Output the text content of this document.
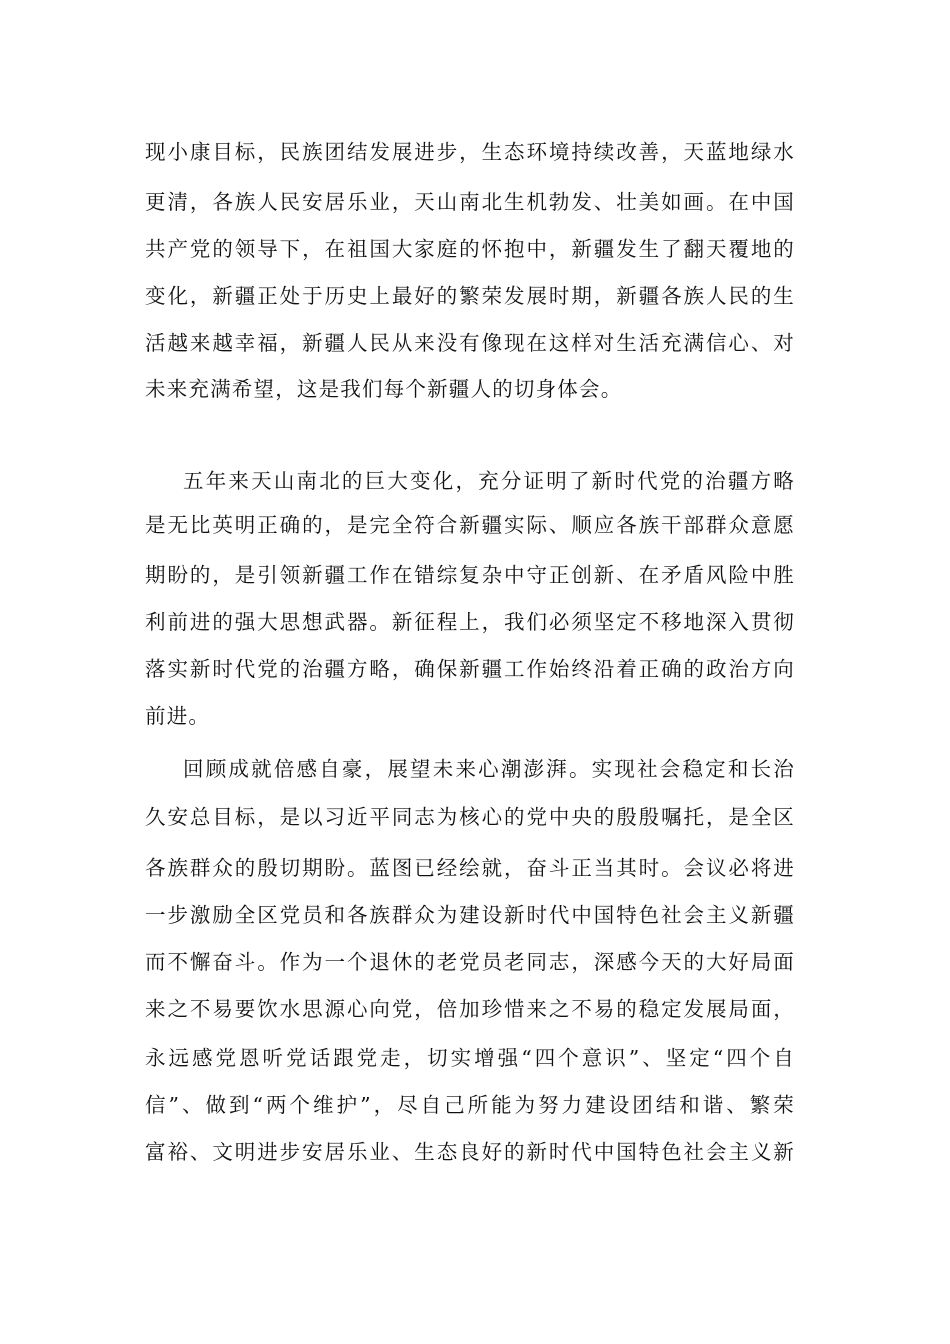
现小康目标，民族团结发展进步，生态环境持续改善，天蓝地绿水
更清，各族人民安居乐业，天山南北生机勃发、壮美如画。在中国
共产党的领导下，在祖国大家庭的怀抱中，新疆发生了翻天覆地的
变化，新疆正处于历史上最好的繁荣发展时期，新疆各族人民的生
活越来越幸福，新疆人民从来没有像现在这样对生活充满信心、对
未来充满希望，这是我们每个新疆人的切身体会。
五年来天山南北的巨大变化，充分证明了新时代党的治疆方略
是无比英明正确的，是完全符合新疆实际、顺应各族干部群众意愿
期盼的，是引领新疆工作在错综复杂中守正创新、在矛盾风险中胜
利前进的强大思想武器。新征程上，我们必须坚定不移地深入贯彻
落实新时代党的治疆方略，确保新疆工作始终沿着正确的政治方向
前进。
回顾成就倍感自豪，展望未来心潮澎湃。实现社会稳定和长治
久安总目标，是以习近平同志为核心的党中央的殷殷嘱托，是全区
各族群众的殷切期盼。蓝图已经绘就，奋斗正当其时。会议必将进
一步激励全区党员和各族群众为建设新时代中国特色社会主义新疆
而不懈奋斗。作为一个退休的老党员老同志，深感今天的大好局面
来之不易要饮水思源心向党，倍加珍惜来之不易的稳定发展局面，
永远感党恩听党话跟党走，切实增强“四个意识”、坚定“四个自
信”、做到“两个维护”，尽自己所能为努力建设团结和谐、繁荣
富裕、文明进步安居乐业、生态良好的新时代中国特色社会主义新
